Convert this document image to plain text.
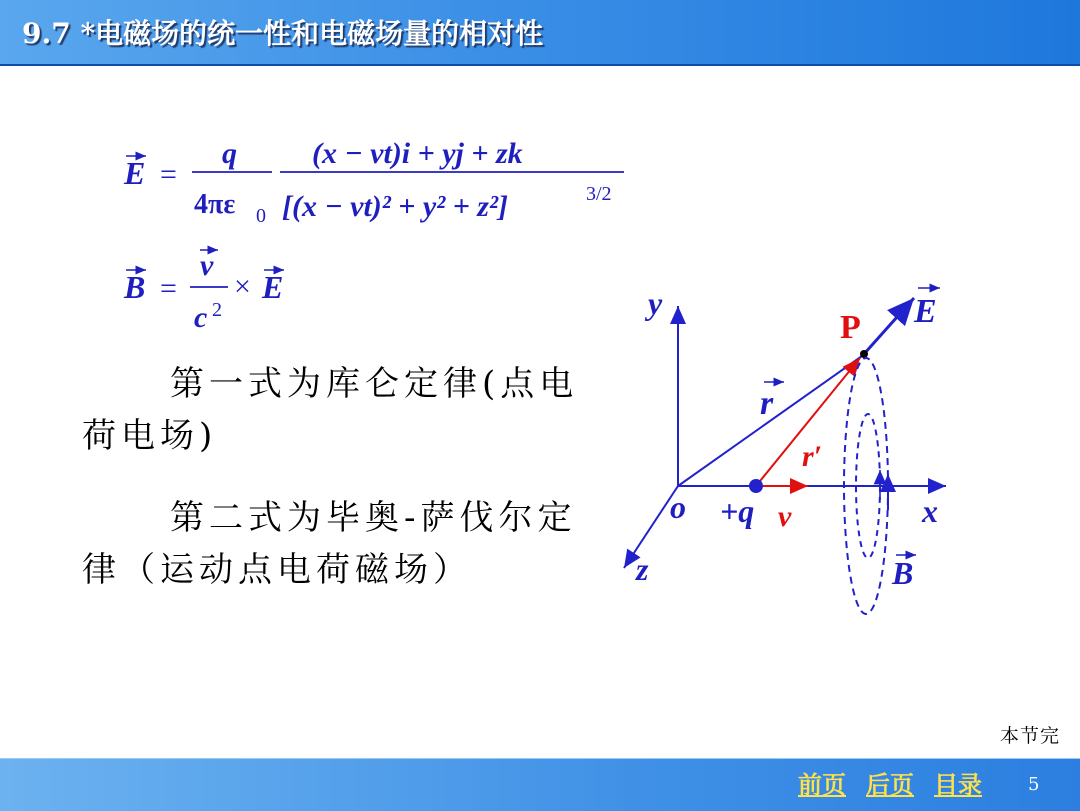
9.7 *电磁场的统一性和电磁场量的相对性
E =
q
4πε 0
(x − vt)i + yj + zk
[(x − vt)² + y² + z²]	3/2
B =
v
c 2
× E	y
x
z
o
P
r
r′
+q v
E
B
第一式为库仑定律(点电荷电场)
第二式为毕奥-萨伐尔定律（运动点电荷磁场）
本节完
前页 后页 目录	5
